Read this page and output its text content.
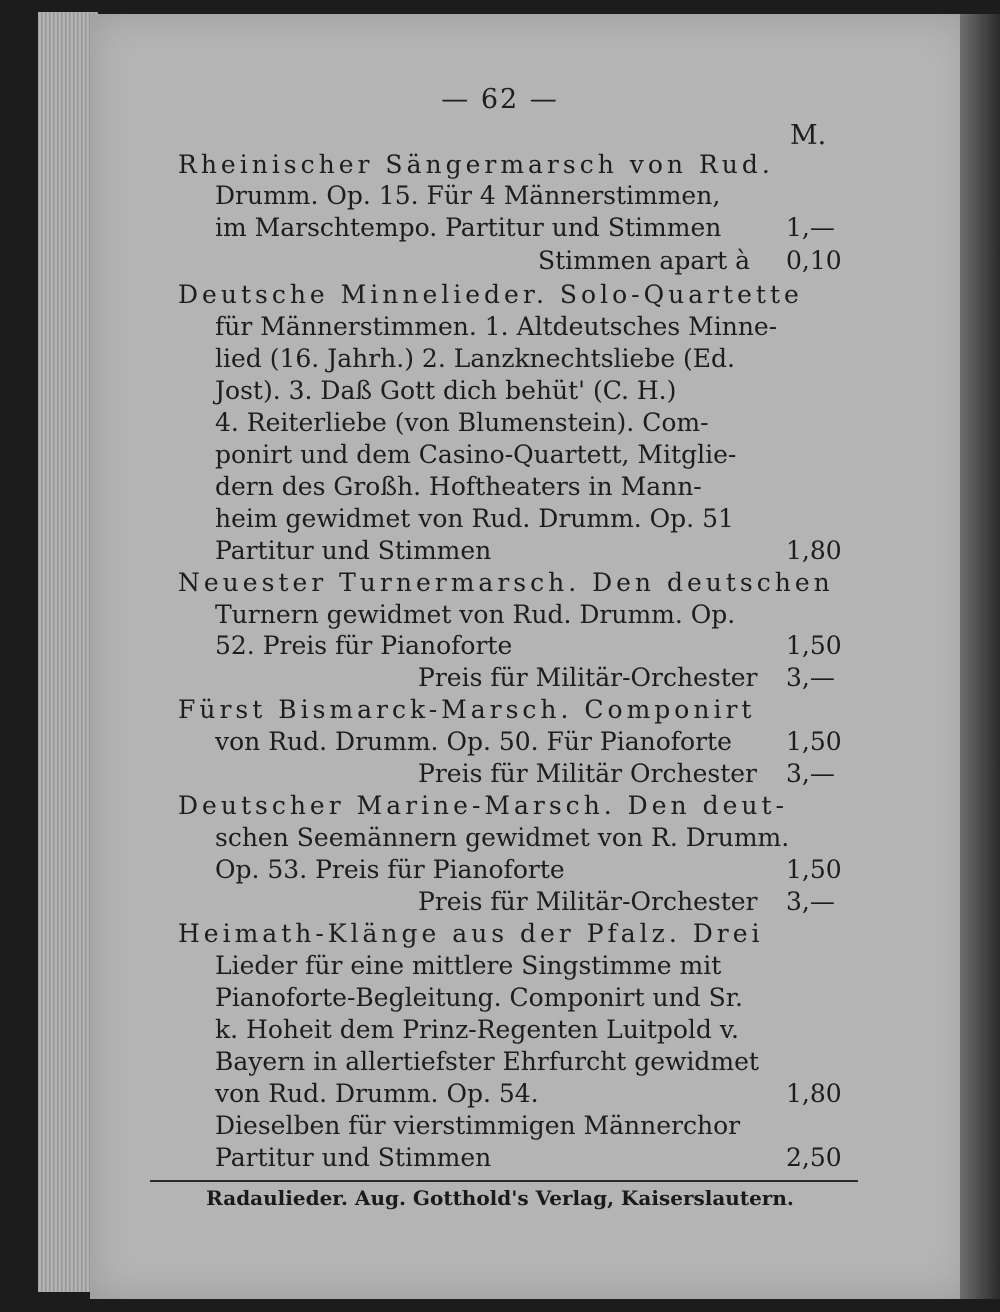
— 62 —
M.
Rheinischer Sängermarsch von Rud.
Drumm. Op. 15. Für 4 Männerstimmen,
im Marschtempo. Partitur und Stimmen	1,—
Stimmen apart à 0,10
Deutsche Minnelieder. Solo-Quartette
für Männerstimmen. 1. Altdeutsches Minne-
lied (16. Jahrh.) 2. Lanzknechtsliebe (Ed.
Jost). 3. Daß Gott dich behüt' (C. H.)
4. Reiterliebe (von Blumenstein). Com-
ponirt und dem Casino-Quartett, Mitglie-
dern des Großh. Hoftheaters in Mann-
heim gewidmet von Rud. Drumm. Op. 51
Partitur und Stimmen	1,80
Neuester Turnermarsch. Den deutschen
Turnern gewidmet von Rud. Drumm. Op.
52. Preis für Pianoforte	1,50
Preis für Militär-Orchester 3,—
Fürst Bismarck-Marsch. Componirt
von Rud. Drumm. Op. 50. Für Pianoforte 1,50
Preis für Militär Orchester 3,—
Deutscher Marine-Marsch. Den deut-
schen Seemännern gewidmet von R. Drumm.
Op. 53. Preis für Pianoforte	1,50
Preis für Militär-Orchester 3,—
Heimath-Klänge aus der Pfalz. Drei
Lieder für eine mittlere Singstimme mit
Pianoforte-Begleitung. Componirt und Sr.
k. Hoheit dem Prinz-Regenten Luitpold v.
Bayern in allertiefster Ehrfurcht gewidmet
von Rud. Drumm. Op. 54.	1,80
Dieselben für vierstimmigen Männerchor
Partitur und Stimmen	2,50
Radaulieder. Aug. Gotthold's Verlag, Kaiserslautern.
